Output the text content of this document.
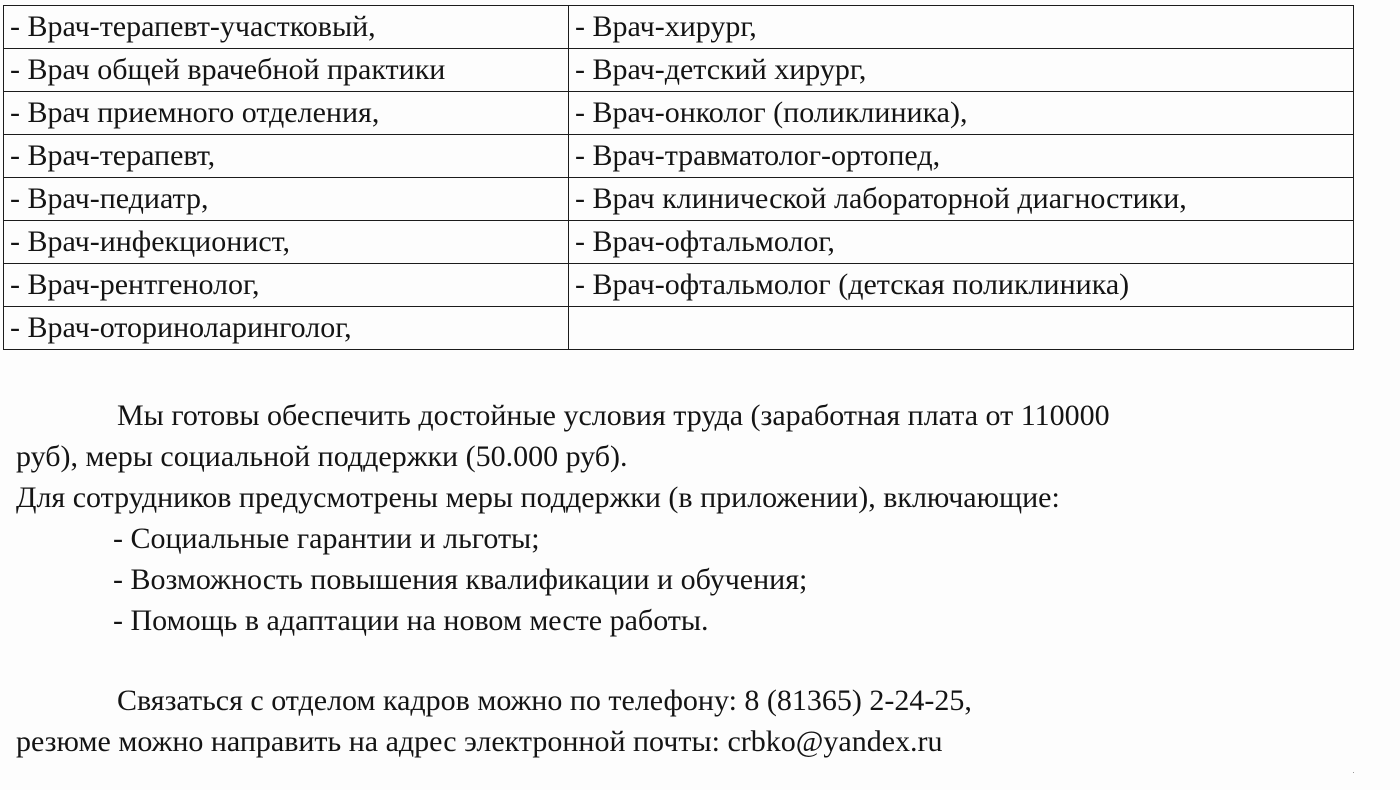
- Врач-терапевт-участковый,	- Врач-хирург,
- Врач общей врачебной практики	- Врач-детский хирург,
- Врач приемного отделения,	- Врач-онколог (поликлиника),
- Врач-терапевт,	- Врач-травматолог-ортопед,
- Врач-педиатр,	- Врач клинической лабораторной диагностики,
- Врач-инфекционист,	- Врач-офтальмолог,
- Врач-рентгенолог,	- Врач-офтальмолог (детская поликлиника)
- Врач-оториноларинголог,	
Мы готовы обеспечить достойные условия труда (заработная плата от 110000
руб), меры социальной поддержки (50.000 руб).
Для сотрудников предусмотрены меры поддержки (в приложении), включающие:
- Социальные гарантии и льготы;
- Возможность повышения квалификации и обучения;
- Помощь в адаптации на новом месте работы.
Связаться с отделом кадров можно по телефону: 8 (81365) 2-24-25,
резюме можно направить на адрес электронной почты: crbko@yandex.ru
